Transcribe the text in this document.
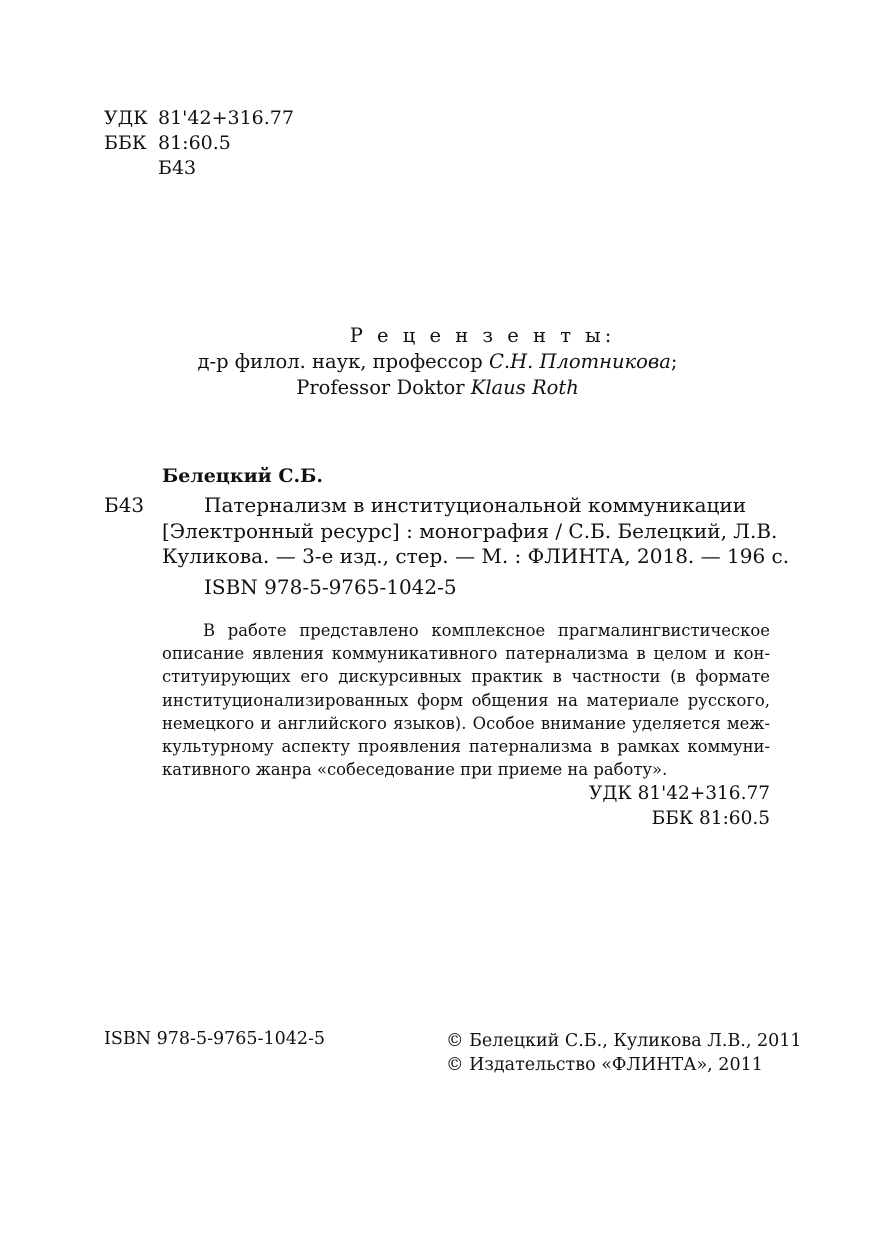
УДК 81'42+316.77
ББК 81:60.5
Б43
Р е ц е н з е н т ы:
д-р филол. наук, профессор С.Н. Плотникова;
Professor Doktor Klaus Roth
Белецкий С.Б.
Б43	Патернализм в институциональной коммуникации
[Электронный ресурс] : монография / С.Б. Белецкий, Л.В.
Куликова. — 3-е изд., стер. — М. : ФЛИНТА, 2018. — 196 с.
ISBN 978-5-9765-1042-5
В работе представлено комплексное прагмалингвистическое
описание явления коммуникативного патернализма в целом и кон-
ституирующих его дискурсивных практик в частности (в формате
институционализированных форм общения на материале русского,
немецкого и английского языков). Особое внимание уделяется меж-
культурному аспекту проявления патернализма в рамках коммуни-
кативного жанра «собеседование при приеме на работу».
УДК 81'42+316.77
ББК 81:60.5
ISBN 978-5-9765-1042-5	© Белецкий С.Б., Куликова Л.В., 2011
© Издательство «ФЛИНТА», 2011
